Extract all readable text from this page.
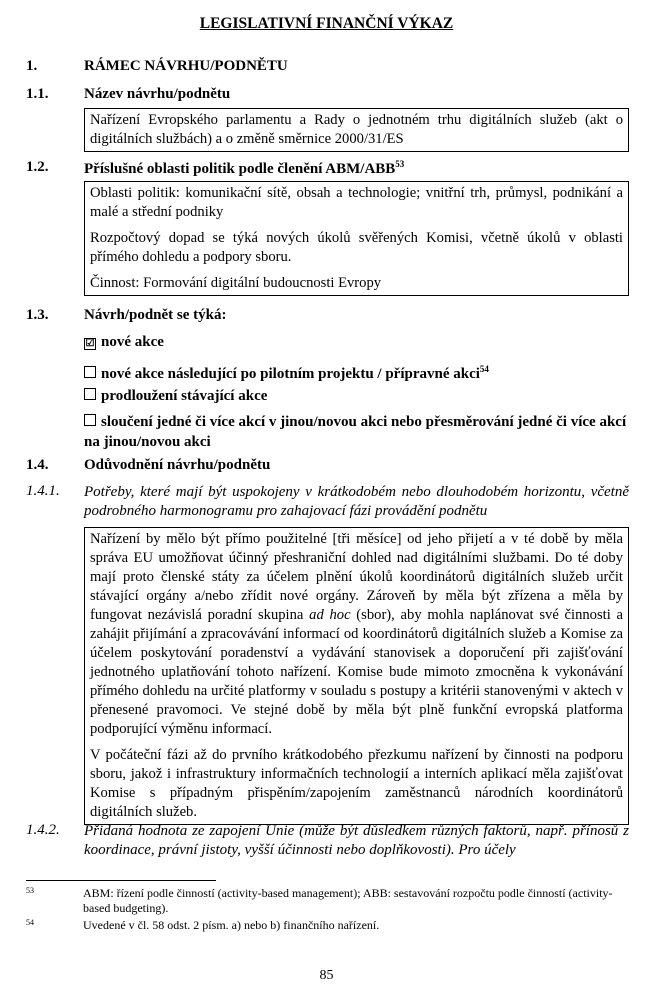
LEGISLATIVNÍ FINANČNÍ VÝKAZ
1.	RÁMEC NÁVRHU/PODNĚTU
1.1. Název návrhu/podnětu

Nařízení Evropského parlamentu a Rady o jednotném trhu digitálních služeb (akt o digitálních službách) a o změně směrnice 2000/31/ES

1.2. Příslušné oblasti politik podle členění ABM/ABB$^{53}$

Oblasti politik: komunikační sítě, obsah a technologie; vnitřní trh, průmysl, podnikání a malé a střední podniky

Rozpočtový dopad se týká nových úkolů svěřených Komisi, včetně úkolů v oblasti přímého dohledu a podpory sboru.

Činnost: Formování digitální budoucnosti Evropy

1.3. Návrh/podnět se týká:
☑ nové akce
nové akce následující po pilotním projektu / přípravné akci$^{54}$
prodloužení stávající akce
sloučení jedné či více akcí v jinou/novou akci nebo přesměrování jedné či více akcí na jinou/novou akci
1.4. Odůvodnění návrhu/podnětu
1.4.1. Potřeby, které mají být uspokojeny v krátkodobém nebo dlouhodobém horizontu, včetně podrobného harmonogramu pro zahajovací fázi provádění podnětu

Nařízení by mělo být přímo použitelné [tři měsíce] od jeho přijetí a v té době by měla správa EU umožňovat účinný přeshraniční dohled nad digitálními službami. Do té doby mají proto členské státy za účelem plnění úkolů koordinátorů digitálních služeb určit stávající orgány a/nebo zřídit nové orgány. Zároveň by měla být zřízena a měla by fungovat nezávislá poradní skupina ad hoc (sbor), aby mohla naplánovat své činnosti a zahájit přijímání a zpracovávání informací od koordinátorů digitálních služeb a Komise za účelem poskytování poradenství a vydávání stanovisek a doporučení při zajišťování jednotného uplatňování tohoto nařízení. Komise bude mimoto zmocněna k vykonávání přímého dohledu na určité platformy v souladu s postupy a kritérii stanovenými v aktech v přenesené pravomoci. Ve stejné době by měla být plně funkční evropská platforma podporující výměnu informací.

V počáteční fázi až do prvního krátkodobého přezkumu nařízení by činnosti na podporu sboru, jakož i infrastruktury informačních technologií a interních aplikací měla zajišťovat Komise s případným přispěním/zapojením zaměstnanců národních koordinátorů digitálních služeb.

1.4.2. Přidaná hodnota ze zapojení Unie (může být důsledkem různých faktorů, např. přínosů z koordinace, právní jistoty, vyšší účinnosti nebo doplňkovosti). Pro účely
53	ABM: řízení podle činností (activity-based management); ABB: sestavování rozpočtu podle činností (activity-based budgeting).
54	Uvedené v čl. 58 odst. 2 písm. a) nebo b) finančního nařízení.
85
